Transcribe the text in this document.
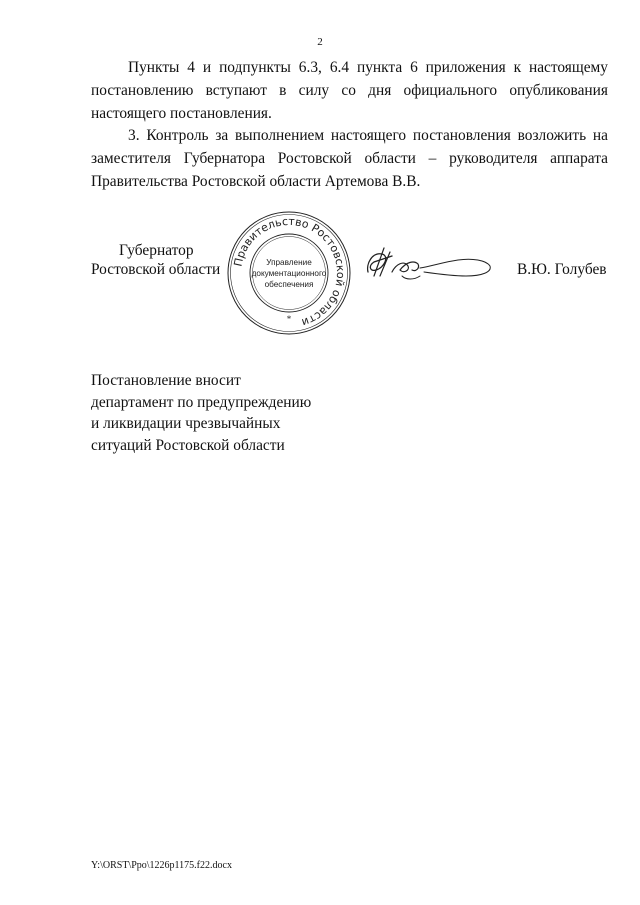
2

Пункты 4 и подпункты 6.3, 6.4 пункта 6 приложения к настоящему постановлению вступают в силу со дня официального опубликования настоящего постановления.

3. Контроль за выполнением настоящего постановления возложить на заместителя Губернатора Ростовской области – руководителя аппарата Правительства Ростовской области Артемова В.В.

Губернатор
Ростовской области	Правительство Ростовской области
*
Управление
документационного
обеспечения
В.Ю. Голубев
Постановление вносит
департамент по предупреждению
и ликвидации чрезвычайных
ситуаций Ростовской области
Y:\ORST\Ppo\1226p1175.f22.docx
